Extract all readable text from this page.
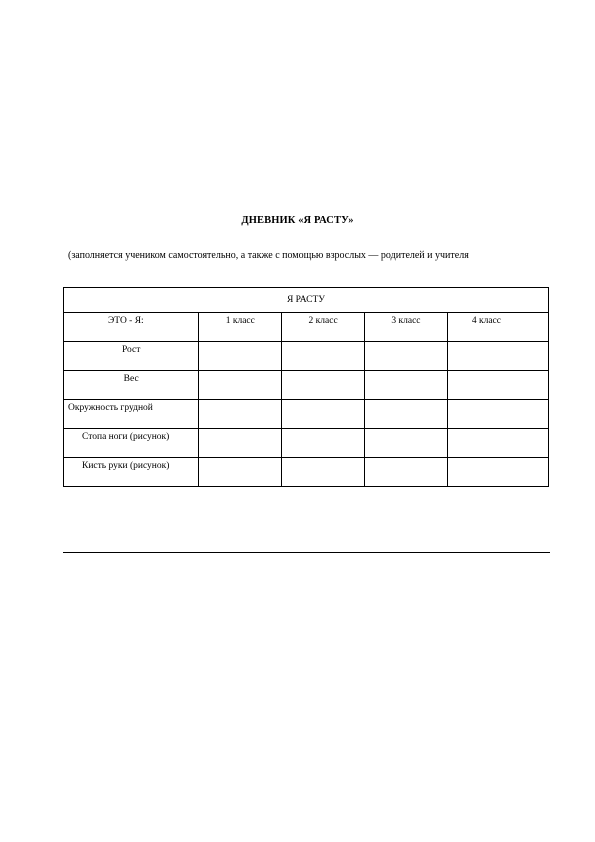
ДНЕВНИК «Я РАСТУ»
(заполняется учеником самостоятельно, а также с помощью взрослых — родителей и учителя
Я РАСТУ				

ЭТО - Я:	1 класс	2 класс	3 класс	4 класс

Рост				

Вес				

Окружность грудной				

Стопа ноги (рисунок)				

Кисть руки (рисунок)				
